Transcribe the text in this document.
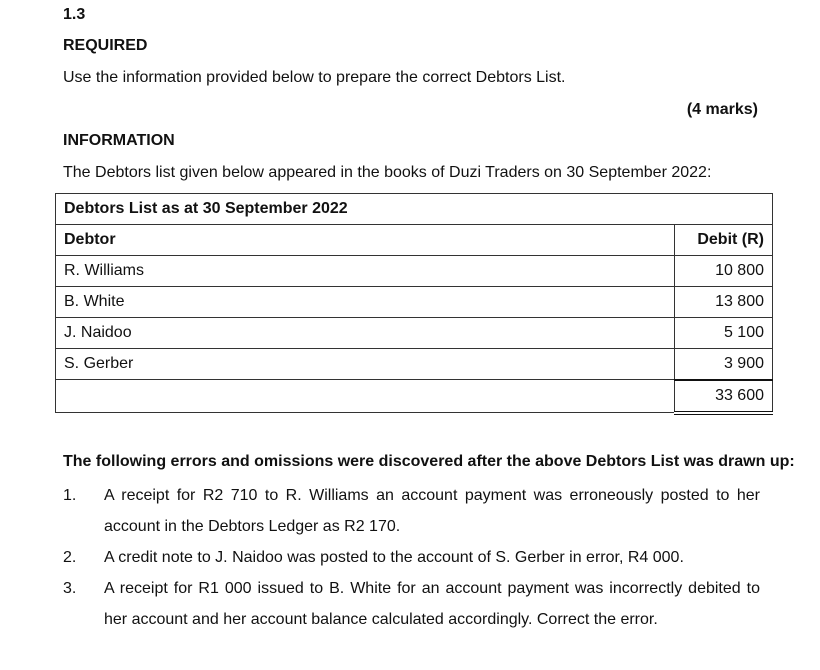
1.3
REQUIRED
Use the information provided below to prepare the correct Debtors List.
(4 marks)
INFORMATION
The Debtors list given below appeared in the books of Duzi Traders on 30 September 2022:
Debtors List as at 30 September 2022	
Debtor	Debit (R)
R. Williams	10 800
B. White	13 800
J. Naidoo	5 100
S. Gerber	3 900
	33 600
The following errors and omissions were discovered after the above Debtors List was drawn up:
1.	A receipt for R2 710 to R. Williams an account payment was erroneously posted to her account in the Debtors Ledger as R2 170.
2.	A credit note to J. Naidoo was posted to the account of S. Gerber in error, R4 000.
3.	A receipt for R1 000 issued to B. White for an account payment was incorrectly debited to her account and her account balance calculated accordingly. Correct the error.
